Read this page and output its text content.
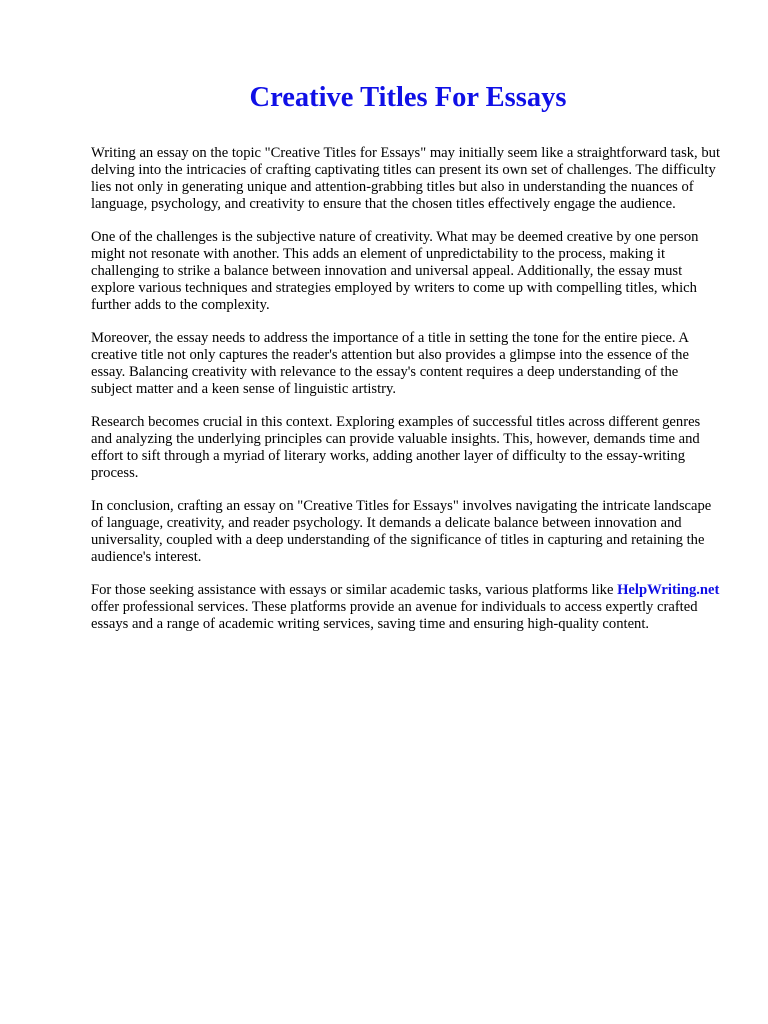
Creative Titles For Essays

Writing an essay on the topic "Creative Titles for Essays" may initially seem like a straightforward task, but delving into the intricacies of crafting captivating titles can present its own set of challenges. The difficulty lies not only in generating unique and attention-grabbing titles but also in understanding the nuances of language, psychology, and creativity to ensure that the chosen titles effectively engage the audience.

One of the challenges is the subjective nature of creativity. What may be deemed creative by one person might not resonate with another. This adds an element of unpredictability to the process, making it challenging to strike a balance between innovation and universal appeal. Additionally, the essay must explore various techniques and strategies employed by writers to come up with compelling titles, which further adds to the complexity.

Moreover, the essay needs to address the importance of a title in setting the tone for the entire piece. A creative title not only captures the reader's attention but also provides a glimpse into the essence of the essay. Balancing creativity with relevance to the essay's content requires a deep understanding of the subject matter and a keen sense of linguistic artistry.

Research becomes crucial in this context. Exploring examples of successful titles across different genres and analyzing the underlying principles can provide valuable insights. This, however, demands time and effort to sift through a myriad of literary works, adding another layer of difficulty to the essay-writing process.

In conclusion, crafting an essay on "Creative Titles for Essays" involves navigating the intricate landscape of language, creativity, and reader psychology. It demands a delicate balance between innovation and universality, coupled with a deep understanding of the significance of titles in capturing and retaining the audience's interest.

For those seeking assistance with essays or similar academic tasks, various platforms like HelpWriting.net offer professional services. These platforms provide an avenue for individuals to access expertly crafted essays and a range of academic writing services, saving time and ensuring high-quality content.
